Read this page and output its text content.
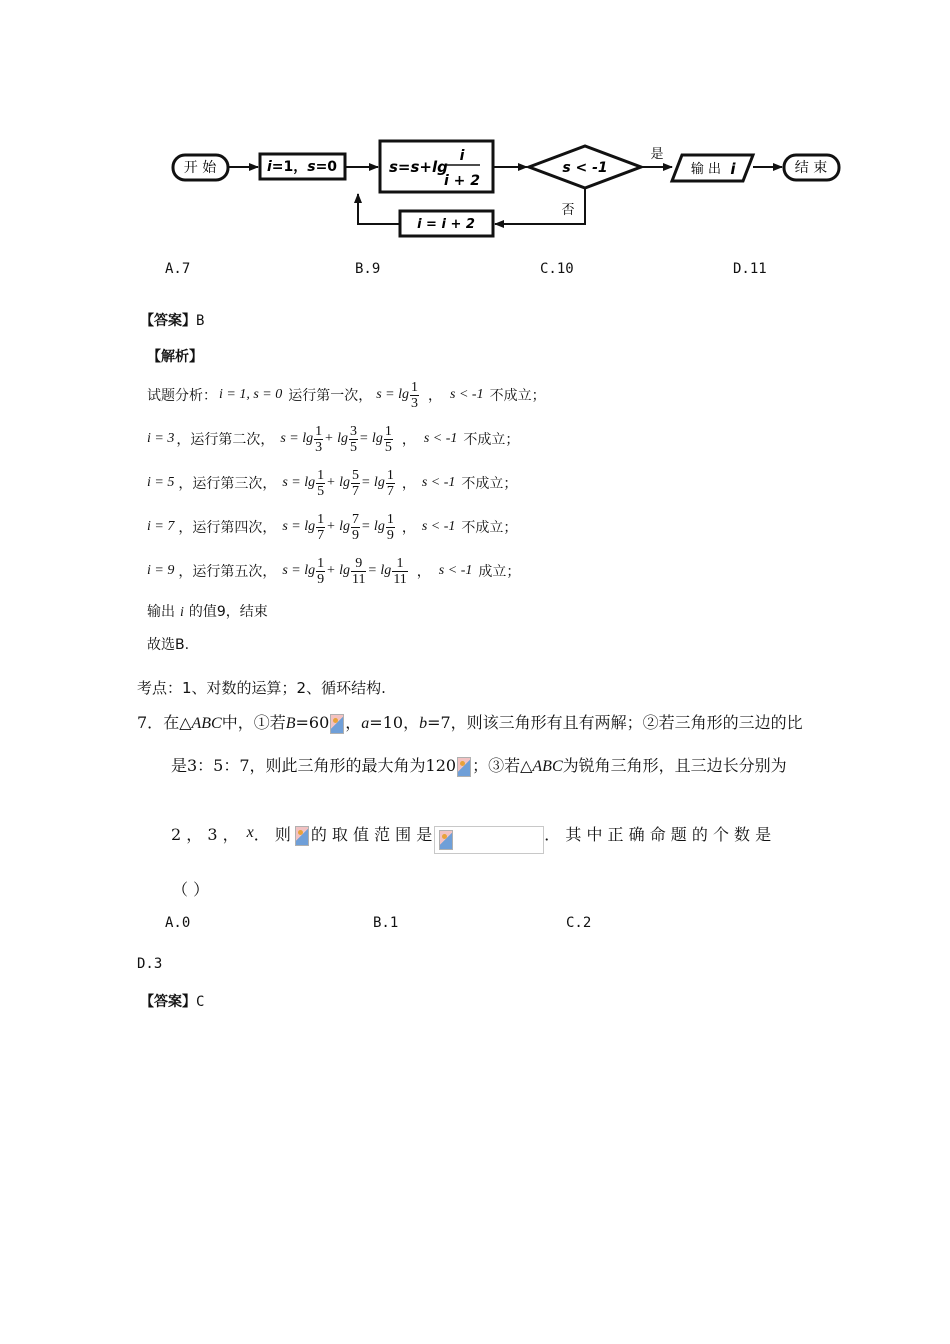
开 始	i=1，s=0	s=s+lg
i
i + 2
s < -1
是
输 出 i	结 束
否
i = i + 2
A.7	B.9	C.10	D.11
【答案】B
【解析】
试题分析： i = 1, s = 0 运行第一次， $s = \lg \frac{1}{3}$ ， s < -1 不成立；
i = 3 ，运行第二次， $s = \lg \frac{1}{3} + \lg \frac{3}{5} = \lg \frac{1}{5}$ ， s < -1 不成立；
i = 5 ，运行第三次， $s = \lg \frac{1}{5} + \lg \frac{5}{7} = \lg \frac{1}{7}$ ， s < -1 不成立；
i = 7 ，运行第四次， $s = \lg \frac{1}{7} + \lg \frac{7}{9} = \lg \frac{1}{9}$ ， s < -1 不成立；
i = 9 ，运行第五次， $s = \lg \frac{1}{9} + \lg \frac{9}{11} = \lg \frac{1}{11}$ ， s < -1 成立；
输出 i 的值9，结束
故选B.
考点：1、对数的运算；2、循环结构.
7．在△ABC中，①若B=60 ，a=10，b=7，则该三角形有且有两解；②若三角形的三边的比
是3：5：7，则此三角形的最大角为120 ；③若△ABC为锐角三角形，且三边长分别为
2 ， 3 ， x ． 则 的 取 值 范 围 是	． 其 中 正 确 命 题 的 个 数 是
（ ）
A.0	B.1	C.2
D.3
【答案】C
